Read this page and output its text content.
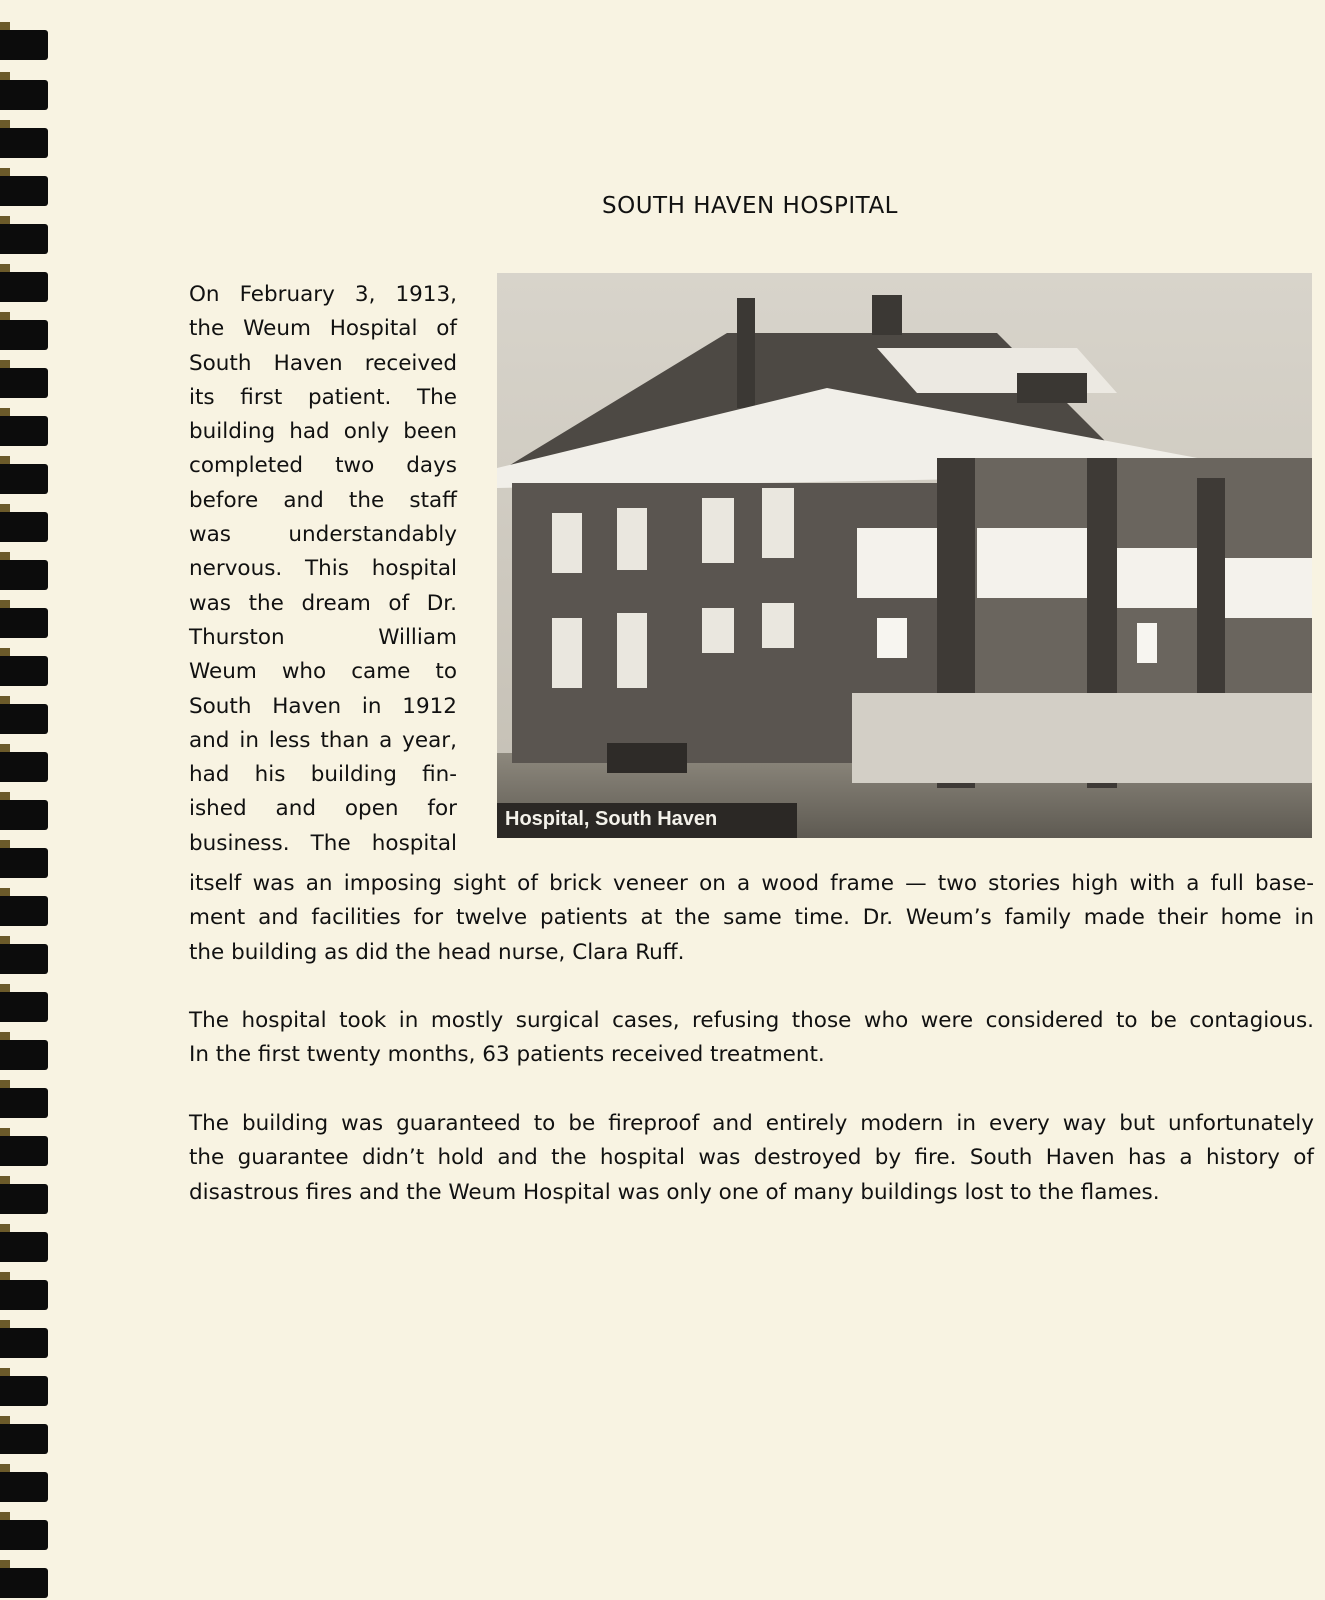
SOUTH HAVEN HOSPITAL
On February 3, 1913,
the Weum Hospital of
South Haven received
its first patient. The
building had only been
completed two days
before and the staff
was understandably
nervous. This hospital
was the dream of Dr.
Thurston William
Weum who came to
South Haven in 1912
and in less than a year,
had his building fin-
ished and open for
business. The hospital
Hospital, South Haven
itself was an imposing sight of brick veneer on a wood frame — two stories high with a full base-
ment and facilities for twelve patients at the same time. Dr. Weum’s family made their home in
the building as did the head nurse, Clara Ruff.
The hospital took in mostly surgical cases, refusing those who were considered to be contagious.
In the first twenty months, 63 patients received treatment.
The building was guaranteed to be fireproof and entirely modern in every way but unfortunately
the guarantee didn’t hold and the hospital was destroyed by fire. South Haven has a history of
disastrous fires and the Weum Hospital was only one of many buildings lost to the flames.
